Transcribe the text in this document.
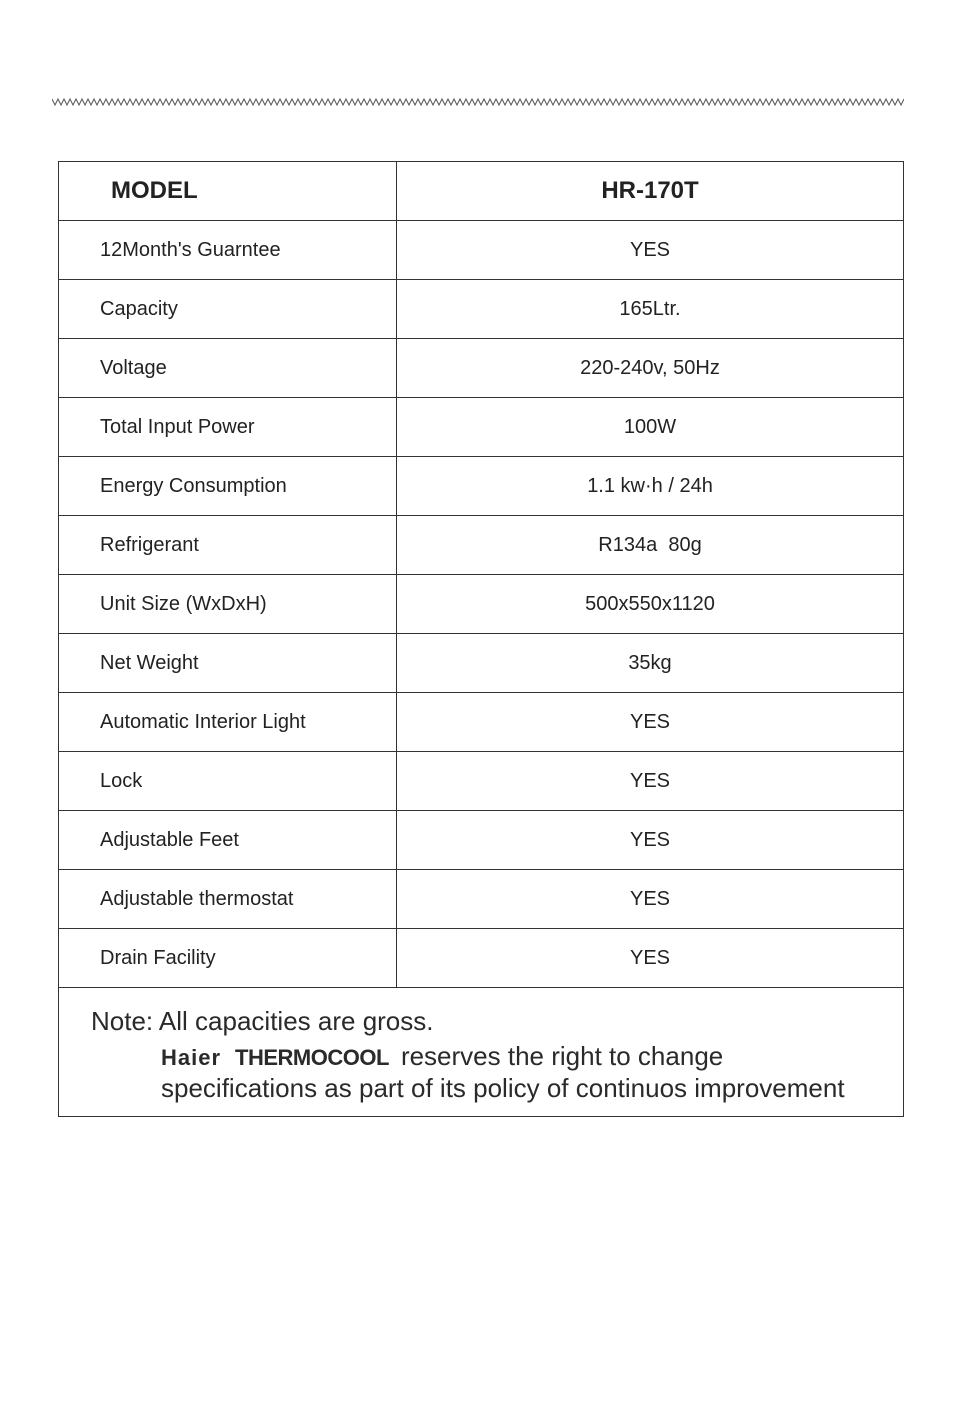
MODEL	HR-170T
12Month's Guarntee	YES
Capacity	165Ltr.
Voltage	220-240v, 50Hz
Total Input Power	100W
Energy Consumption	1.1 kw·h / 24h
Refrigerant	R134a  80g
Unit Size (WxDxH)	500x550x1120
Net Weight	35kg
Automatic Interior Light	YES
Lock	YES
Adjustable Feet	YES
Adjustable thermostat	YES
Drain Facility	YES

Note: All capacities are gross.
Haier THERMOCOOL reserves the right to change
specifications as part of its policy of continuos improvement	
